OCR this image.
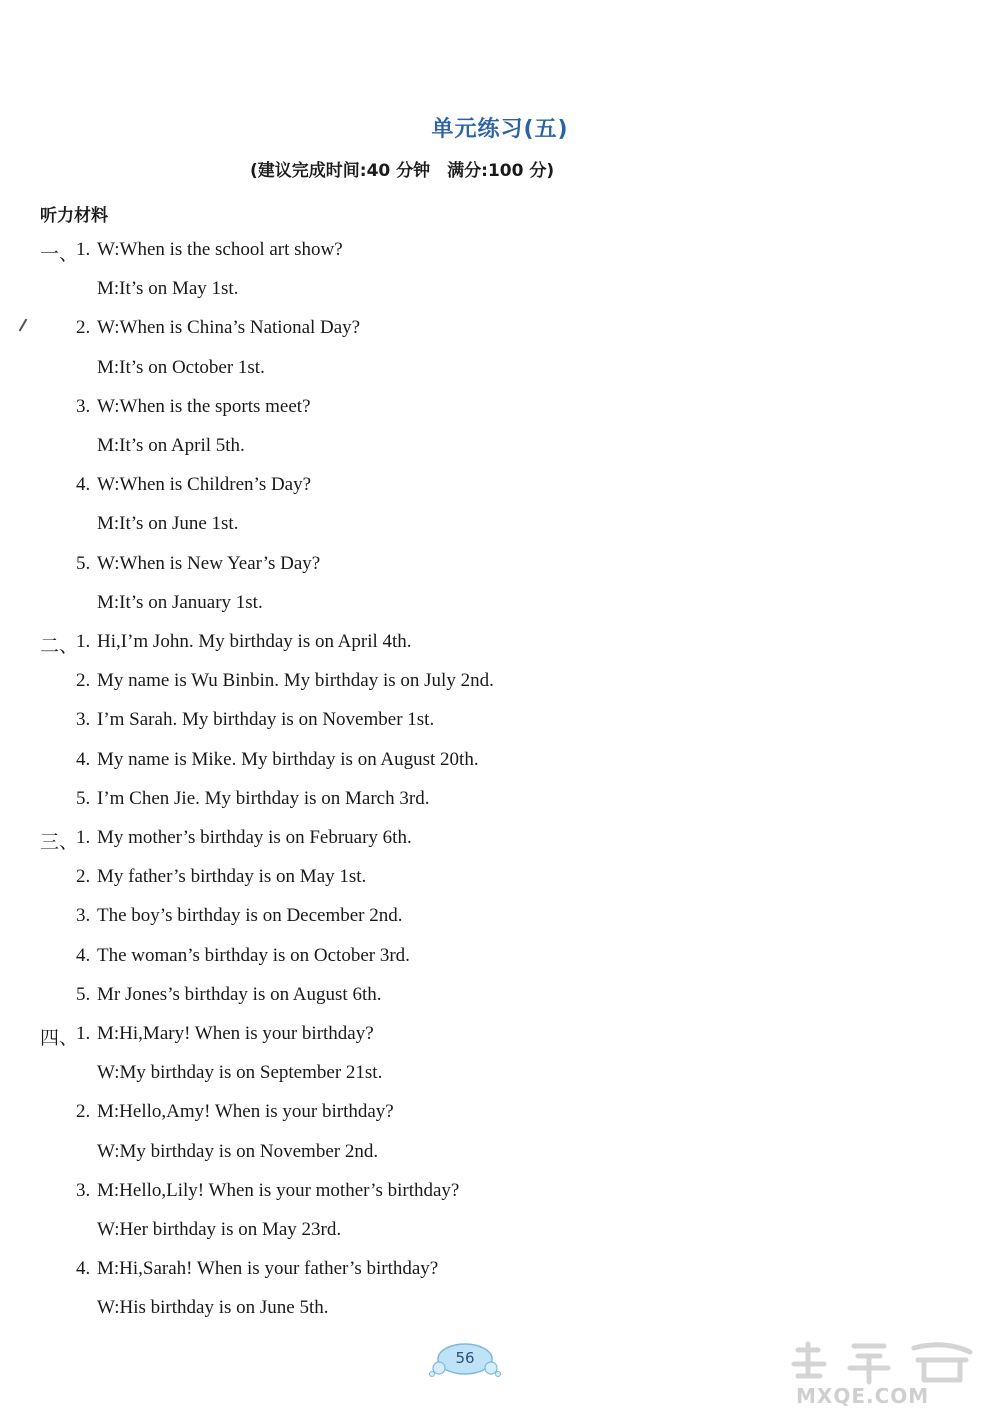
单元练习(五)
(建议完成时间:40 分钟　满分:100 分)
听力材料
一、
1. W:When is the school art show?
M:It’s on May 1st.
2. W:When is China’s National Day?
M:It’s on October 1st.
3. W:When is the sports meet?
M:It’s on April 5th.
4. W:When is Children’s Day?
M:It’s on June 1st.
5. W:When is New Year’s Day?
M:It’s on January 1st.
二、
1. Hi,I’m John. My birthday is on April 4th.
2. My name is Wu Binbin. My birthday is on July 2nd.
3. I’m Sarah. My birthday is on November 1st.
4. My name is Mike. My birthday is on August 20th.
5. I’m Chen Jie. My birthday is on March 3rd.
三、
1. My mother’s birthday is on February 6th.
2. My father’s birthday is on May 1st.
3. The boy’s birthday is on December 2nd.
4. The woman’s birthday is on October 3rd.
5. Mr Jones’s birthday is on August 6th.
四、
1. M:Hi,Mary! When is your birthday?
W:My birthday is on September 21st.
2. M:Hello,Amy! When is your birthday?
W:My birthday is on November 2nd.
3. M:Hello,Lily! When is your mother’s birthday?
W:Her birthday is on May 23rd.
4. M:Hi,Sarah! When is your father’s birthday?
W:His birthday is on June 5th.
56
MXQE.COM
